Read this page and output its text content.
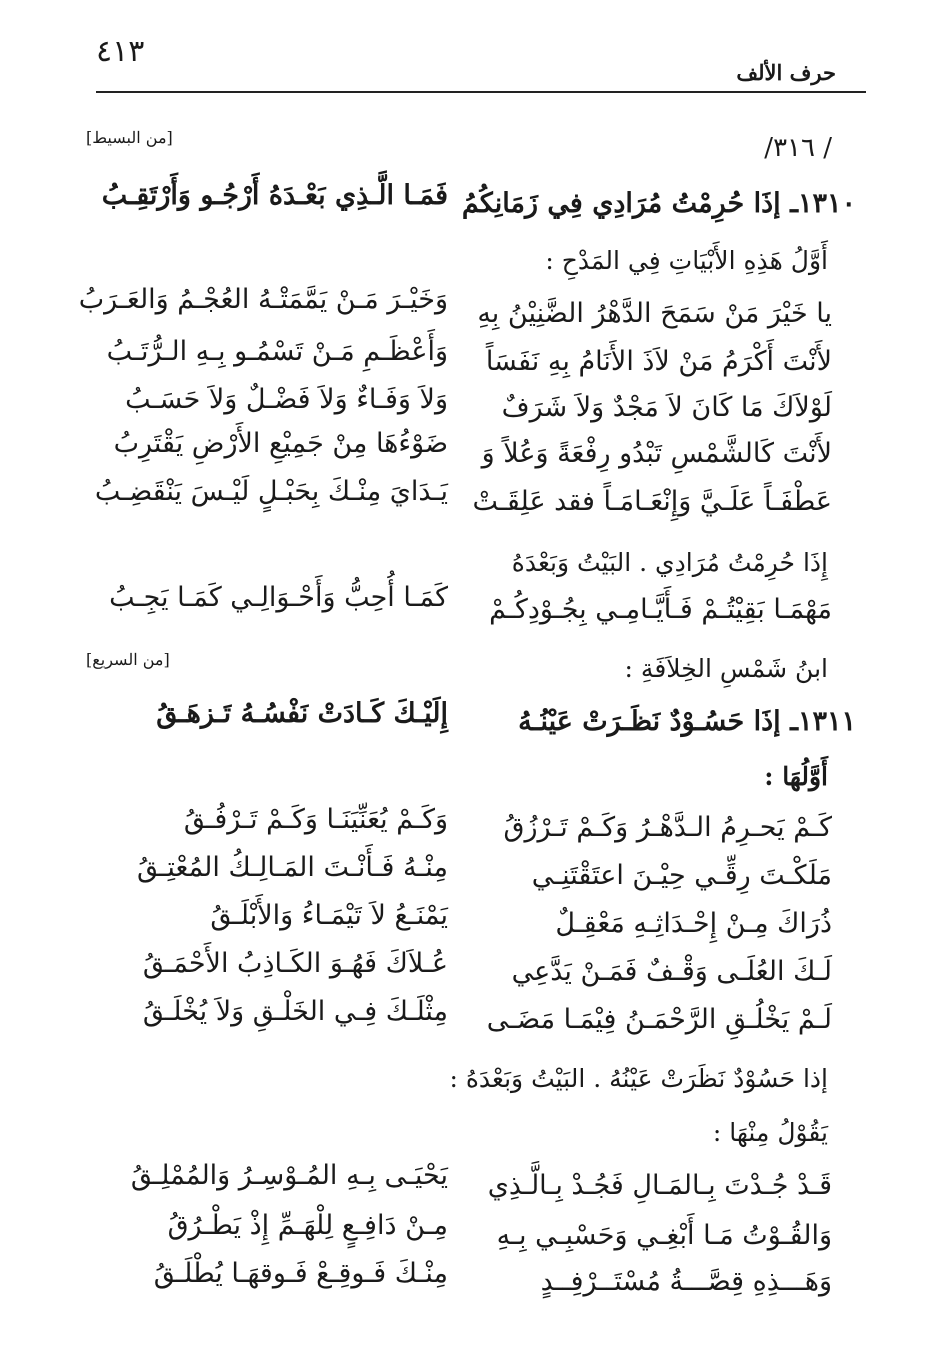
٤١٣
حرف الألف
[من البسيط]	/ ٣١٦/
١٣١٠ـ إذَا حُرِمْتُ مُرَادِي فِي زَمَانِكُمُ
فَمَـا الَّـذِي بَعْـدَهُ أَرْجُـو وَأَرْتَقِـبُ
أَوَّلُ هَذِهِ الأَبْيَاتِ فِي المَدْحِ :
يا خَيْرَ مَنْ سَمَحَ الدَّهْرُ الضَّنِيْنُ بِهِ
وَخَيْـرَ مَـنْ يَمَّمَتْـهُ العُجْـمُ وَالعَـرَبُ
لأَنْتَ أَكْرَمُ مَنْ لاَذَ الأَنَامُ بِهِ نَفَسَاً
وَأَعْظَـمِ مَـنْ تَسْمُـو بِـهِ الـرُّتَـبُ
لَوْلاَكَ مَا كَانَ لاَ مَجْدٌ وَلاَ شَرَفٌ
وَلاَ وَفَـاءٌ وَلاَ فَضْـلٌ وَلاَ حَسَـبُ
لأَنْتَ كَالشَّمْسِ تَبْدُو رِفْعَةً وَعُلاً وَ
ضَوْءُهَا مِنْ جَمِيْعِ الأَرْضِ يَقْتَرِبُ
عَطْفَـاً عَلَـيَّ وَإِنْعَـامَـاً فقد عَلِقَـتْ
يَـدَايَ مِنْـكَ بِحَبْـلٍ لَيْـسَ يَنْقَضِـبُ
إِذَا حُرِمْتُ مُرَادِي . البَيْتُ وَبَعْدَهُ
مَهْمَـا بَقِيْتُـمْ فَـأَيَّـامِـي بِجُـوْدِكُـمْ
كَمَـا أُحِبُّ وَأَحْـوَالِـي كَمَـا يَجِـبُ
ابنُ شَمْسِ الخِلاَفَةِ :
[من السريع]
١٣١١ـ إذَا حَسُـوْدٌ نَظَـرَتْ عَيْنُـهُ
إِلَيْـكَ كَـادَتْ نَفْسُـهُ تَـزهَـقُ
أَوَّلُهَا :
كَـمْ يَحـرِمُ الـدَّهْـرُ وَكَـمْ تَـرْزُقُ
وَكَـمْ يُعَنِّيَنَـا وَكَـمْ تَـرْفُـقُ
مَلَكْـتَ رِقِّـي حِيْـنَ اعتَقْتَنِـي
مِنْـهُ فَـأَنْـتَ المَـالِـكُ المُعْتِـقُ
ذُرَاكَ مِـنْ إِحْـدَاثِـهِ مَعْقِـلٌ
يَمْنَـعُ لاَ تَيْمَـاءُ وَالأَبْلَـقُ
لَـكَ العُلَـى وَقْـفٌ فَمَـنْ يَدَّعِي
عُـلاَكَ فَهُـوَ الكَـاذِبُ الأَحْمَـقُ
لَـمْ يَخْلُـقِ الرَّحْمَـنُ فِيْمَـا مَضَـى
مِثْلَـكَ فِـي الخَلْـقِ وَلاَ يُخْلَـقُ
إذا حَسُوْدٌ نَظَرَتْ عَيْنُهُ . البَيْتُ وَبَعْدَهُ :
يَقُوْلُ مِنْهَا :
قَـدْ جُـدْتَ بِـالمَـالِ فَجُـدْ بِـالَّـذِي
يَحْيَـى بِـهِ المُـوْسِـرُ وَالمُمْلِـقُ
وَالقُـوْتُ مَـا أَبْغِـي وَحَسْبِـي بِـهِ
مِـنْ دَافِـعٍ لِلْهَـمِّ إِذْ يَطْـرُقُ
وَهَـــذِهِ قِصَّـــةُ مُسْتَــرْفِــدٍ
مِنْـكَ فَـوقِـعْ فَـوقهَـا يُطْلَـقُ
